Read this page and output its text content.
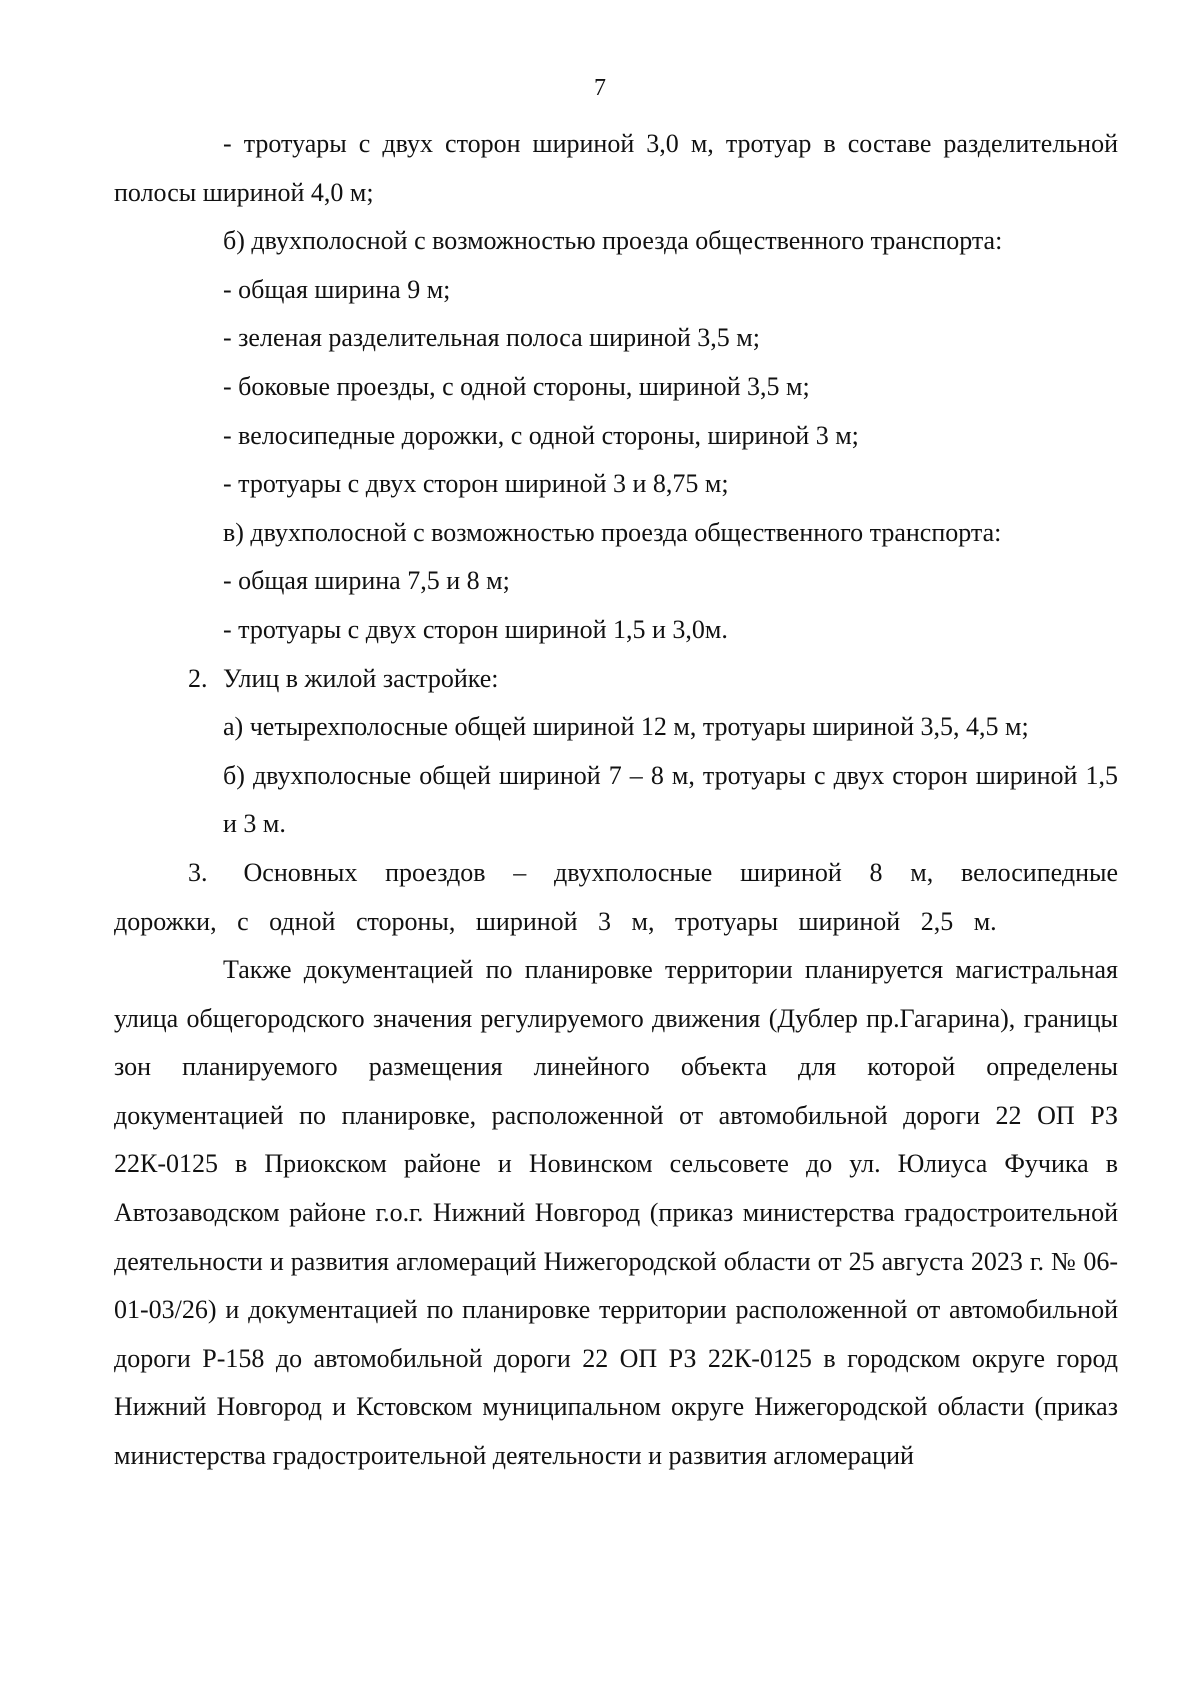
7

- тротуары с двух сторон шириной 3,0 м, тротуар в составе разделительной полосы шириной 4,0 м;

б) двухполосной с возможностью проезда общественного транспорта:

- общая ширина 9 м;

- зеленая разделительная полоса шириной 3,5 м;

- боковые проезды, с одной стороны, шириной 3,5 м;

- велосипедные дорожки, с одной стороны, шириной 3 м;

- тротуары с двух сторон шириной 3 и 8,75 м;

в) двухполосной с возможностью проезда общественного транспорта:

- общая ширина 7,5 и 8 м;

- тротуары с двух сторон шириной 1,5 и 3,0м.

2. Улиц в жилой застройке:

а) четырехполосные общей шириной 12 м, тротуары шириной 3,5, 4,5 м;

б) двухполосные общей шириной 7 – 8 м, тротуары с двух сторон шириной 1,5 и 3 м.

3. Основных проездов – двухполосные шириной 8 м, велосипедные дорожки, с одной стороны, шириной 3 м, тротуары шириной 2,5 м.

Также документацией по планировке территории планируется магистральная улица общегородского значения регулируемого движения (Дублер пр.Гагарина), границы зон планируемого размещения линейного объекта для которой определены документацией по планировке, расположенной от автомобильной дороги 22 ОП РЗ 22К-0125 в Приокском районе и Новинском сельсовете до ул. Юлиуса Фучика в Автозаводском районе г.о.г. Нижний Новгород (приказ министерства градостроительной деятельности и развития агломераций Нижегородской области от 25 августа 2023 г. № 06-01-03/26) и документацией по планировке территории расположенной от автомобильной дороги Р-158 до автомобильной дороги 22 ОП РЗ 22К-0125 в городском округе город Нижний Новгород и Кстовском муниципальном округе Нижегородской области (приказ министерства градостроительной деятельности и развития агломераций
